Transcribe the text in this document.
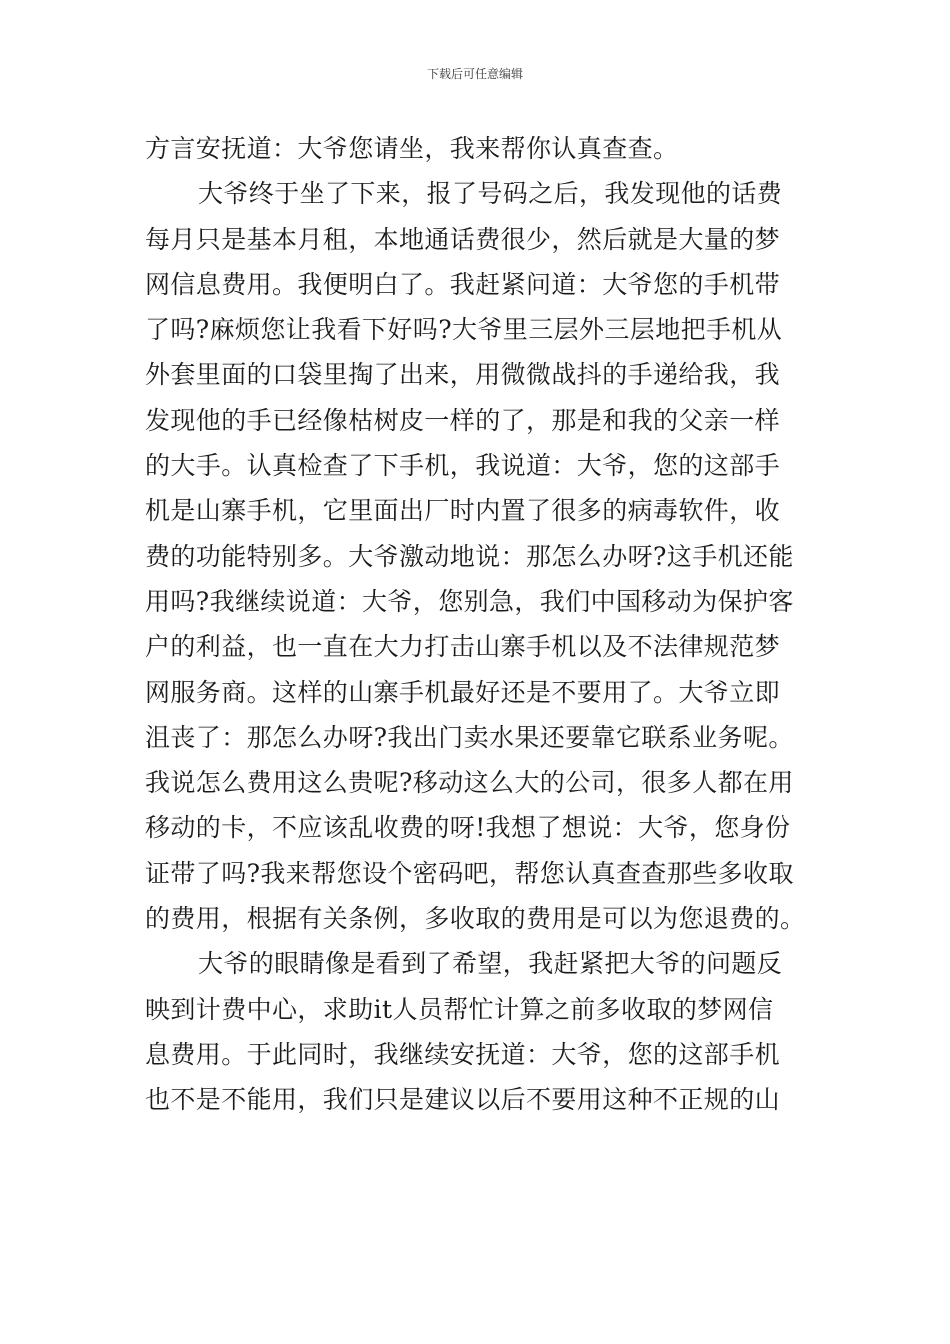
下载后可任意编辑
方言安抚道：大爷您请坐，我来帮你认真查查。
大爷终于坐了下来，报了号码之后，我发现他的话费
每月只是基本月租，本地通话费很少，然后就是大量的梦
网信息费用。我便明白了。我赶紧问道：大爷您的手机带
了吗?麻烦您让我看下好吗?大爷里三层外三层地把手机从
外套里面的口袋里掏了出来，用微微战抖的手递给我，我
发现他的手已经像枯树皮一样的了，那是和我的父亲一样
的大手。认真检查了下手机，我说道：大爷，您的这部手
机是山寨手机，它里面出厂时内置了很多的病毒软件，收
费的功能特别多。大爷激动地说：那怎么办呀?这手机还能
用吗?我继续说道：大爷，您别急，我们中国移动为保护客
户的利益，也一直在大力打击山寨手机以及不法律规范梦
网服务商。这样的山寨手机最好还是不要用了。大爷立即
沮丧了：那怎么办呀?我出门卖水果还要靠它联系业务呢。
我说怎么费用这么贵呢?移动这么大的公司，很多人都在用
移动的卡，不应该乱收费的呀!我想了想说：大爷，您身份
证带了吗?我来帮您设个密码吧，帮您认真查查那些多收取
的费用，根据有关条例，多收取的费用是可以为您退费的。
大爷的眼睛像是看到了希望，我赶紧把大爷的问题反
映到计费中心，求助it人员帮忙计算之前多收取的梦网信
息费用。于此同时，我继续安抚道：大爷，您的这部手机
也不是不能用，我们只是建议以后不要用这种不正规的山
